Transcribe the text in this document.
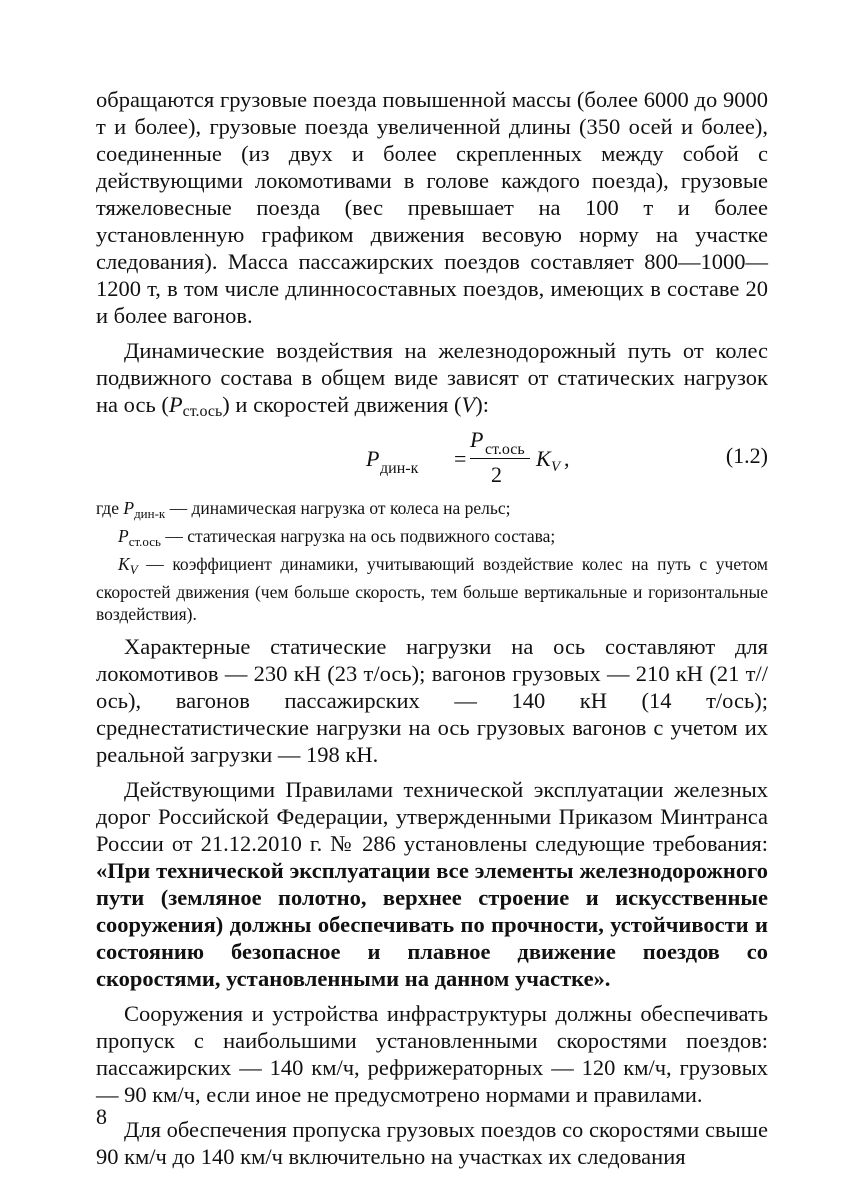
обращаются грузовые поезда повышенной массы (более 6000 до 9000 т и более), грузовые поезда увеличенной длины (350 осей и более), соединенные (из двух и более скрепленных между собой с действующими локомотивами в голове каждого поезда), грузовые тяжеловесные поезда (вес превышает на 100 т и более установленную графиком движения весовую норму на участке следования). Масса пассажирских поездов составляет 800—1000—1200 т, в том числе длинносоставных поездов, имеющих в составе 20 и более вагонов.

Динамические воздействия на железнодорожный путь от колес подвижного состава в общем виде зависят от статических нагрузок на ось (Pст.ось) и скоростей движения (V):

P дин-к =
P ст.ось
2
K V ,	(1.2)

где $P_{дин-к}$ — динамическая нагрузка от колеса на рельс;

$P_{ст.ось}$ — статическая нагрузка на ось подвижного состава;

$K_V$ — коэффициент динамики, учитывающий воздействие колес на путь с учетом скоростей движения (чем больше скорость, тем больше вертикальные и горизонтальные воздействия).

Характерные статические нагрузки на ось составляют для локомотивов — 230 кН (23 т/ось); вагонов грузовых — 210 кН (21 т//ось), вагонов пассажирских — 140 кН (14 т/ось); среднестатистические нагрузки на ось грузовых вагонов с учетом их реальной загрузки — 198 кН.

Действующими Правилами технической эксплуатации железных дорог Российской Федерации, утвержденными Приказом Минтранса России от 21.12.2010 г. № 286 установлены следующие требования: «При технической эксплуатации все элементы железнодорожного пути (земляное полотно, верхнее строение и искусственные сооружения) должны обеспечивать по прочности, устойчивости и состоянию безопасное и плавное движение поездов со скоростями, установленными на данном участке».

Сооружения и устройства инфраструктуры должны обеспечивать пропуск с наибольшими установленными скоростями поездов: пассажирских — 140 км/ч, рефрижераторных — 120 км/ч, грузовых — 90 км/ч, если иное не предусмотрено нормами и правилами.

Для обеспечения пропуска грузовых поездов со скоростями свыше 90 км/ч до 140 км/ч включительно на участках их следования

8
